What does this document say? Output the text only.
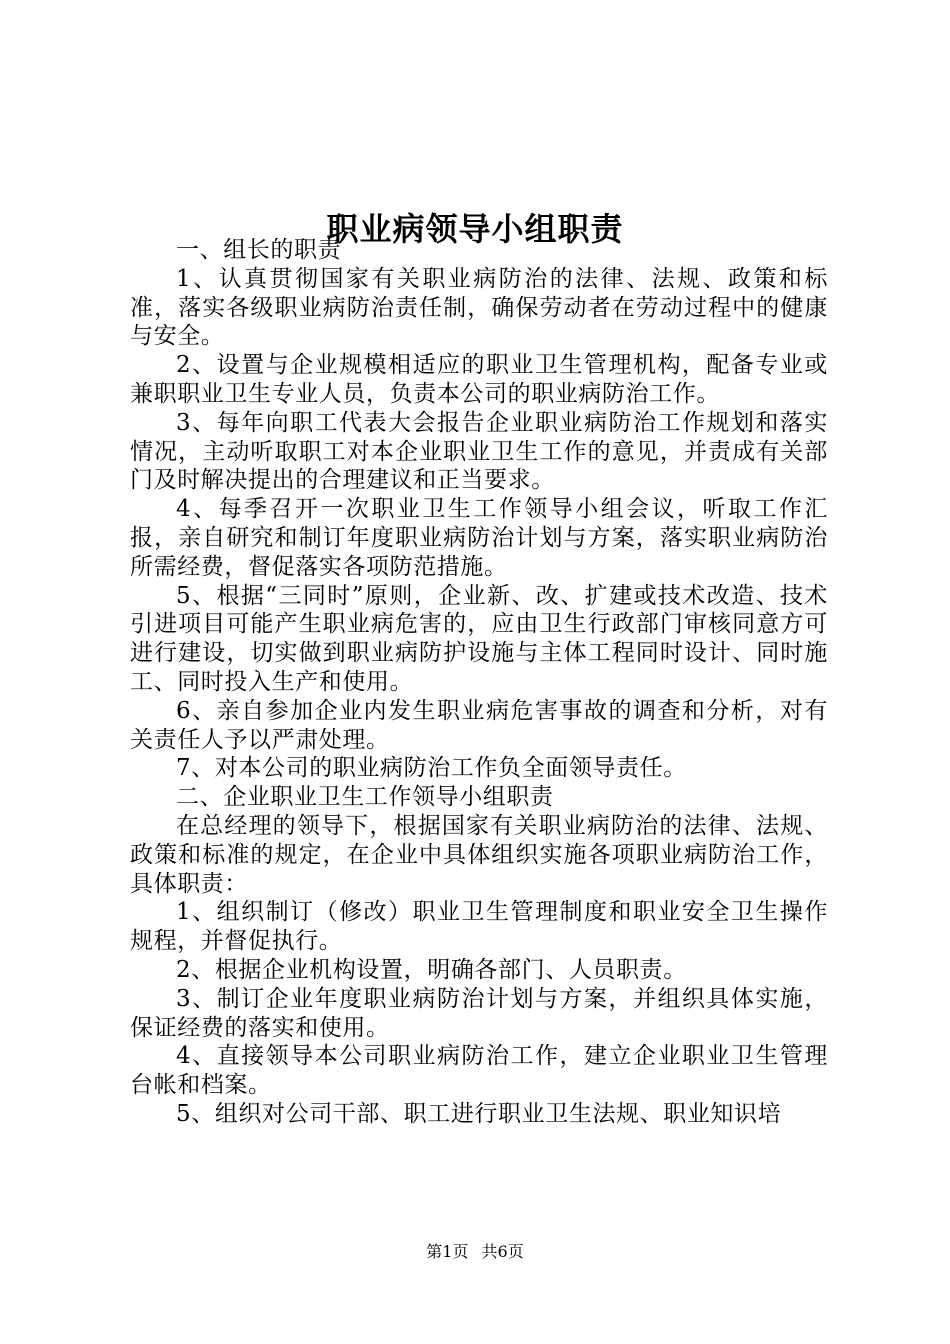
职业病领导小组职责

一、组长的职责

1、认真贯彻国家有关职业病防治的法律、法规、政策和标准，落实各级职业病防治责任制，确保劳动者在劳动过程中的健康与安全。

2、设置与企业规模相适应的职业卫生管理机构，配备专业或兼职职业卫生专业人员，负责本公司的职业病防治工作。

3、每年向职工代表大会报告企业职业病防治工作规划和落实情况，主动听取职工对本企业职业卫生工作的意见，并责成有关部门及时解决提出的合理建议和正当要求。

4、每季召开一次职业卫生工作领导小组会议，听取工作汇报，亲自研究和制订年度职业病防治计划与方案，落实职业病防治所需经费，督促落实各项防范措施。

5、根据“三同时”原则，企业新、改、扩建或技术改造、技术引进项目可能产生职业病危害的，应由卫生行政部门审核同意方可进行建设，切实做到职业病防护设施与主体工程同时设计、同时施工、同时投入生产和使用。

6、亲自参加企业内发生职业病危害事故的调查和分析，对有关责任人予以严肃处理。

7、对本公司的职业病防治工作负全面领导责任。

二、企业职业卫生工作领导小组职责

在总经理的领导下，根据国家有关职业病防治的法律、法规、政策和标准的规定，在企业中具体组织实施各项职业病防治工作，具体职责：

1、组织制订（修改）职业卫生管理制度和职业安全卫生操作规程，并督促执行。

2、根据企业机构设置，明确各部门、人员职责。

3、制订企业年度职业病防治计划与方案，并组织具体实施，保证经费的落实和使用。

4、直接领导本公司职业病防治工作，建立企业职业卫生管理台帐和档案。

5、组织对公司干部、职工进行职业卫生法规、职业知识培

第1页 共6页
